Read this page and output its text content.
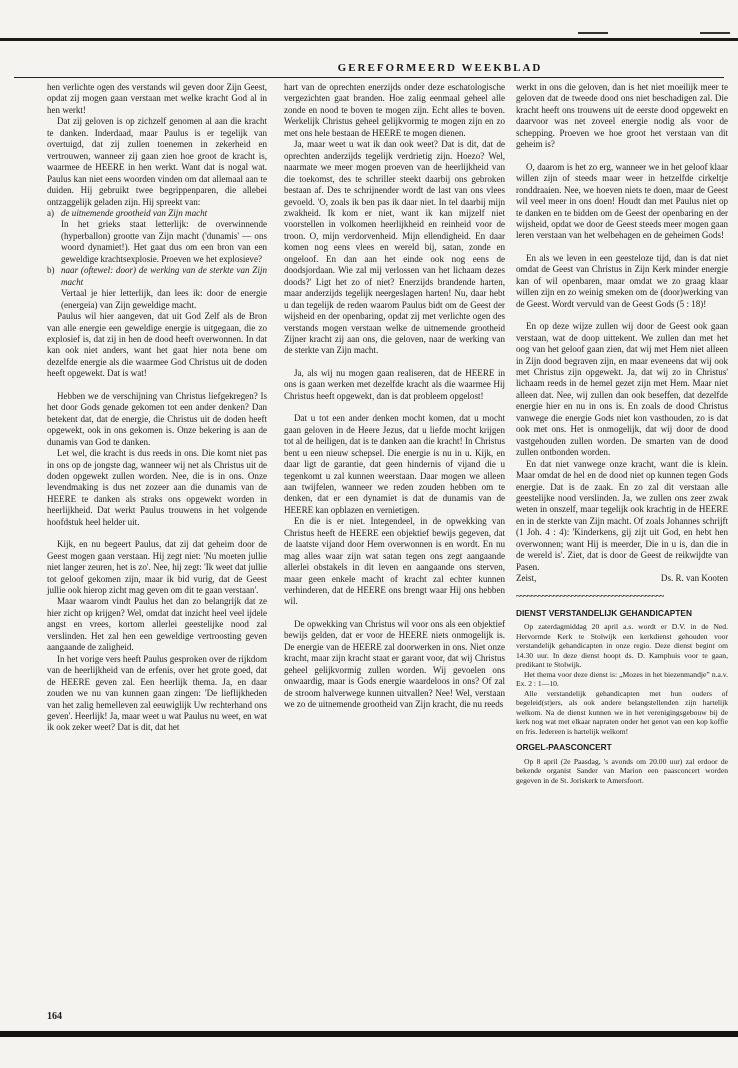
GEREFORMEERD WEEKBLAD

hen verlichte ogen des verstands wil geven door Zijn Geest, opdat zij mogen gaan verstaan met welke kracht God al in hen werkt!

Dat zij geloven is op zichzelf genomen al aan die kracht te danken. Inderdaad, maar Paulus is er tegelijk van overtuigd, dat zij zullen toenemen in zekerheid en vertrouwen, wanneer zij gaan zien hoe groot de kracht is, waarmee de HEERE in hen werkt. Want dat is nogal wat. Paulus kan niet eens woorden vinden om dat allemaal aan te duiden. Hij gebruikt twee begrippenparen, die allebei ontzaggelijk geladen zijn. Hij spreekt van:

a) de uitnemende grootheid van Zijn macht
In het grieks staat letterlijk: de overwinnende (hyperballon) grootte van Zijn macht ('dunamis' — ons woord dynamiet!). Het gaat dus om een bron van een geweldige krachtsexplosie. Proeven we het explosieve?
b) naar (oftewel: door) de werking van de sterkte van Zijn macht
Vertaal je hier letterlijk, dan lees ik: door de energie (energeia) van Zijn geweldige macht.

Paulus wil hier aangeven, dat uit God Zelf als de Bron van alle energie een geweldige energie is uitgegaan, die zo explosief is, dat zij in hen de dood heeft overwonnen. In dat kan ook niet anders, want het gaat hier nota bene om dezelfde energie als die waarmee God Christus uit de doden heeft opgewekt. Dat is wat!

Hebben we de verschijning van Christus liefgekregen? Is het door Gods genade gekomen tot een ander denken? Dan betekent dat, dat de energie, die Christus uit de doden heeft opgewekt, ook in ons gekomen is. Onze bekering is aan de dunamis van God te danken.

Let wel, die kracht is dus reeds in ons. Die komt niet pas in ons op de jongste dag, wanneer wij net als Christus uit de doden opgewekt zullen worden. Nee, die is in ons. Onze levendmaking is dus net zozeer aan die dunamis van de HEERE te danken als straks ons opgewekt worden in heerlijkheid. Dat werkt Paulus trouwens in het volgende hoofdstuk heel helder uit.

Kijk, en nu begeert Paulus, dat zij dat geheim door de Geest mogen gaan verstaan. Hij zegt niet: 'Nu moeten jullie niet langer zeuren, het is zo'. Nee, hij zegt: 'Ik weet dat jullie tot geloof gekomen zijn, maar ik bid vurig, dat de Geest jullie ook hierop zicht mag geven om dit te gaan verstaan'.

Maar waarom vindt Paulus het dan zo belangrijk dat ze hier zicht op krijgen? Wel, omdat dat inzicht heel veel ijdele angst en vrees, kortom allerlei geestelijke nood zal verslinden. Het zal hen een geweldige vertroosting geven aangaande de zaligheid.

In het vorige vers heeft Paulus gesproken over de rijkdom van de heerlijkheid van de erfenis, over het grote goed, dat de HEERE geven zal. Een heerlijk thema. Ja, en daar zouden we nu van kunnen gaan zingen: 'De lieflijkheden van het zalig hemelleven zal eeuwiglijk Uw rechterhand ons geven'. Heerlijk! Ja, maar weet u wat Paulus nu weet, en wat ik ook zeker weet? Dat is dit, dat het

hart van de oprechten enerzijds onder deze eschatologische vergezichten gaat branden. Hoe zalig eenmaal geheel alle zonde en nood te boven te mogen zijn. Echt alles te boven. Werkelijk Christus geheel gelijkvormig te mogen zijn en zo met ons hele bestaan de HEERE te mogen dienen.

Ja, maar weet u wat ik dan ook weet? Dat is dit, dat de oprechten anderzijds tegelijk verdrietig zijn. Hoezo? Wel, naarmate we meer mogen proeven van de heerlijkheid van die toekomst, des te schriller steekt daarbij ons gebroken bestaan af. Des te schrijnender wordt de last van ons vlees gevoeld. 'O, zoals ik ben pas ik daar niet. In tel daarbij mijn zwakheid. Ik kom er niet, want ik kan mijzelf niet voorstellen in volkomen heerlijkheid en reinheid voor de troon. O, mijn verdorvenheid. Mijn ellendigheid. En daar komen nog eens vlees en wereld bij, satan, zonde en ongeloof. En dan aan het einde ook nog eens de doodsjordaan. Wie zal mij verlossen van het lichaam dezes doods?' Ligt het zo of niet? Enerzijds brandende harten, maar anderzijds tegelijk neergeslagen harten! Nu, daar hebt u dan tegelijk de reden waarom Paulus bidt om de Geest der wijsheid en der openbaring, opdat zij met verlichte ogen des verstands mogen verstaan welke de uitnemende grootheid Zijner kracht zij aan ons, die geloven, naar de werking van de sterkte van Zijn macht.

Ja, als wij nu mogen gaan realiseren, dat de HEERE in ons is gaan werken met dezelfde kracht als die waarmee Hij Christus heeft opgewekt, dan is dat probleem opgelost!

Dat u tot een ander denken mocht komen, dat u mocht gaan geloven in de Heere Jezus, dat u liefde mocht krijgen tot al de heiligen, dat is te danken aan die kracht! In Christus bent u een nieuw schepsel. Die energie is nu in u. Kijk, en daar ligt de garantie, dat geen hindernis of vijand die u tegenkomt u zal kunnen weerstaan. Daar mogen we alleen aan twijfelen, wanneer we reden zouden hebben om te denken, dat er een dynamiet is dat de dunamis van de HEERE kan opblazen en vernietigen.

En die is er niet. Integendeel, in de opwekking van Christus heeft de HEERE een objektief bewijs gegeven, dat de laatste vijand door Hem overwonnen is en wordt. En nu mag alles waar zijn wat satan tegen ons zegt aangaande allerlei obstakels in dit leven en aangaande ons sterven, maar geen enkele macht of kracht zal echter kunnen verhinderen, dat de HEERE ons brengt waar Hij ons hebben wil.

De opwekking van Christus wil voor ons als een objektief bewijs gelden, dat er voor de HEERE niets onmogelijk is. De energie van de HEERE zal doorwerken in ons. Niet onze kracht, maar zijn kracht staat er garant voor, dat wij Christus geheel gelijkvormig zullen worden. Wij gevoelen ons onwaardig, maar is Gods energie waardeloos in ons? Of zal de stroom halverwege kunnen uitvallen? Nee! Wel, verstaan we zo de uitnemende grootheid van Zijn kracht, die nu reeds

werkt in ons die geloven, dan is het niet moeilijk meer te geloven dat de tweede dood ons niet beschadigen zal. Die kracht heeft ons trouwens uit de eerste dood opgewekt en daarvoor was net zoveel energie nodig als voor de schepping. Proeven we hoe groot het verstaan van dit geheim is?

O, daarom is het zo erg, wanneer we in het geloof klaar willen zijn of steeds maar weer in hetzelfde cirkeltje ronddraaien. Nee, we hoeven niets te doen, maar de Geest wil veel meer in ons doen! Houdt dan met Paulus niet op te danken en te bidden om de Geest der openbaring en der wijsheid, opdat we door de Geest steeds meer mogen gaan leren verstaan van het welbehagen en de geheimen Gods!

En als we leven in een geesteloze tijd, dan is dat niet omdat de Geest van Christus in Zijn Kerk minder energie kan of wil openbaren, maar omdat we zo graag klaar willen zijn en zo weinig smeken om de (door)werking van de Geest. Wordt vervuld van de Geest Gods (5 : 18)!

En op deze wijze zullen wij door de Geest ook gaan verstaan, wat de doop uittekent. We zullen dan met het oog van het geloof gaan zien, dat wij met Hem niet alleen in Zijn dood begraven zijn, en maar eveneens dat wij ook met Christus zijn opgewekt. Ja, dat wij zo in Christus' lichaam reeds in de hemel gezet zijn met Hem. Maar niet alleen dat. Nee, wij zullen dan ook beseffen, dat dezelfde energie hier en nu in ons is. En zoals de dood Christus vanwege die energie Gods niet kon vasthouden, zo is dat ook met ons. Het is onmogelijk, dat wij door de dood vastgehouden zullen worden. De smarten van de dood zullen ontbonden worden.

En dat niet vanwege onze kracht, want die is klein. Maar omdat de hel en de dood niet op kunnen tegen Gods energie. Dat is de zaak. En zo zal dit verstaan alle geestelijke nood verslinden. Ja, we zullen ons zeer zwak weten in onszelf, maar tegelijk ook krachtig in de HEERE en in de sterkte van Zijn macht. Of zoals Johannes schrijft (1 Joh. 4 : 4): 'Kinderkens, gij zijt uit God, en hebt hen overwonnen; want Hij is meerder, Die in u is, dan die in de wereld is'. Ziet, dat is door de Geest de reikwijdte van Pasen.

Zeist,	Ds. R. van Kooten
~~~~~~~~~~~~~~~~~~~~~~~~~~~~~~~~~~~~~~~~
DIENST VERSTANDELIJK GEHANDICAPTEN

Op zaterdagmiddag 20 april a.s. wordt er D.V. in de Ned. Hervormde Kerk te Stolwijk een kerkdienst gehouden voor verstandelijk gehandicapten in onze regio. Deze dienst begint om 14.30 uur. In deze dienst hoopt ds. D. Kamphuis voor te gaan, predikant te Stolwijk.

Het thema voor deze dienst is: „Mozes in het biezenmandje” n.a.v. Ex. 2 : 1—10.

Alle verstandelijk gehandicapten met hun ouders of begeleid(st)ers, als ook andere belangstellenden zijn hartelijk welkom. Na de dienst kunnen we in het verenigingsgebouw bij de kerk nog wat met elkaar napraten onder het genot van een kop koffie en fris. Iedereen is hartelijk welkom!

ORGEL-PAASCONCERT

Op 8 april (2e Paasdag, 's avonds om 20.00 uur) zal erdoor de bekende organist Sander van Marion een paasconcert worden gegeven in de St. Joriskerk te Amersfoort.

164
